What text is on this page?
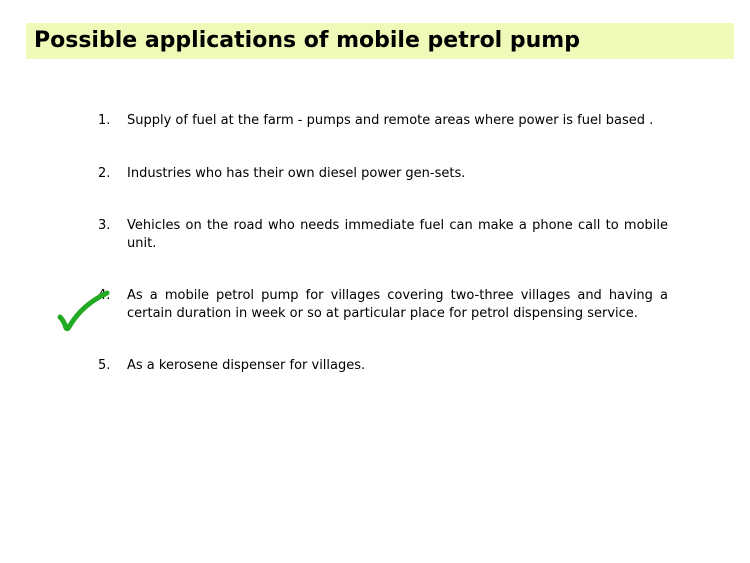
Possible applications of mobile petrol pump
1.	Supply of fuel at the farm - pumps and remote areas where power is fuel based .
2.	Industries who has their own diesel power gen-sets.
3.	Vehicles on the road who needs immediate fuel can make a phone call to mobile unit.
4.	As a mobile petrol pump for villages covering two-three villages and having a certain duration in week or so at particular place for petrol dispensing service.
5.	As a kerosene dispenser for villages.
